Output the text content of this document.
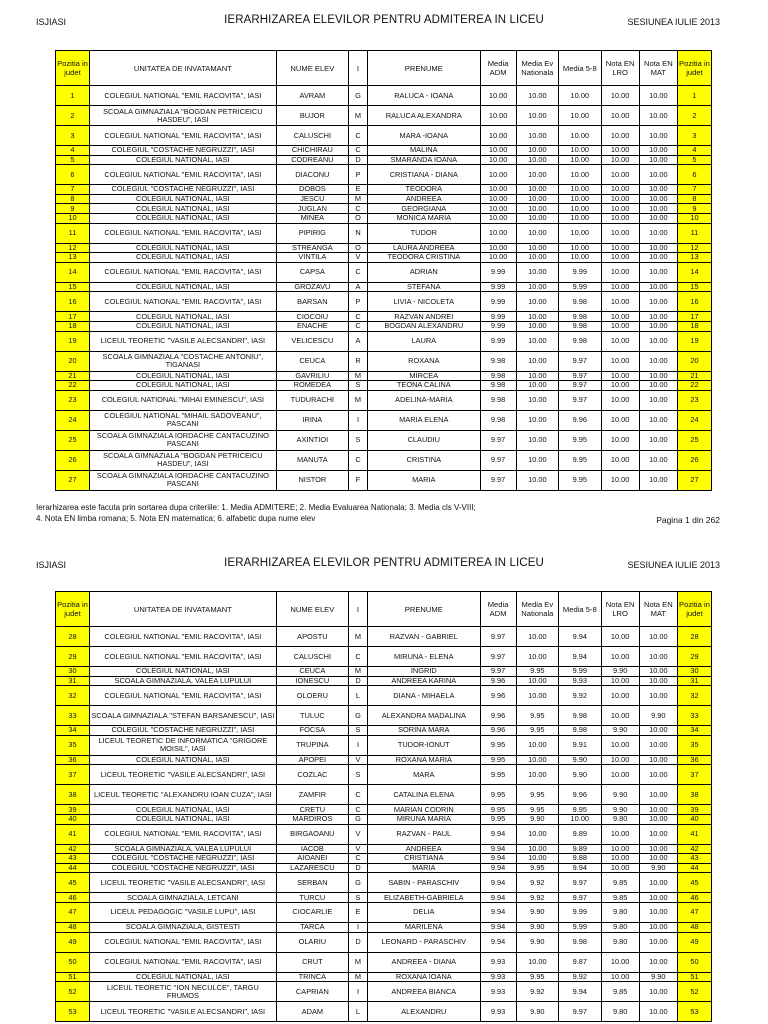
ISJIASI	IERARHIZAREA ELEVILOR PENTRU ADMITEREA IN LICEU	SESIUNEA IULIE 2013
Pozitia in judet	UNITATEA DE INVATAMANT	NUME ELEV	I	PRENUME	Media ADM	Media Ev Nationala	Media 5-8	Nota EN LRO	Nota EN MAT	Pozitia in judet
1	COLEGIUL NATIONAL "EMIL RACOVITA", IASI	AVRAM	G	RALUCA - IOANA	10.00	10.00	10.00	10.00	10.00	1
2	SCOALA GIMNAZIALA "BOGDAN PETRICEICU HASDEU", IASI	BUJOR	M	RALUCA ALEXANDRA	10.00	10.00	10.00	10.00	10.00	2
3	COLEGIUL NATIONAL "EMIL RACOVITA", IASI	CALUSCHI	C	MARA -IOANA	10.00	10.00	10.00	10.00	10.00	3
4	COLEGIUL "COSTACHE NEGRUZZI", IASI	CHICHIRAU	C	MALINA	10.00	10.00	10.00	10.00	10.00	4
5	COLEGIUL NATIONAL, IASI	CODREANU	D	SMARANDA IOANA	10.00	10.00	10.00	10.00	10.00	5
6	COLEGIUL NATIONAL "EMIL RACOVITA", IASI	DIACONU	P	CRISTIANA - DIANA	10.00	10.00	10.00	10.00	10.00	6
7	COLEGIUL "COSTACHE NEGRUZZI", IASI	DOBOS	E	TEODORA	10.00	10.00	10.00	10.00	10.00	7
8	COLEGIUL NATIONAL, IASI	JESCU	M	ANDREEA	10.00	10.00	10.00	10.00	10.00	8
9	COLEGIUL NATIONAL, IASI	JUGLAN	C	GEORGIANA	10.00	10.00	10.00	10.00	10.00	9
10	COLEGIUL NATIONAL, IASI	MINEA	O	MONICA MARIA	10.00	10.00	10.00	10.00	10.00	10
11	COLEGIUL NATIONAL "EMIL RACOVITA", IASI	PIPIRIG	N	TUDOR	10.00	10.00	10.00	10.00	10.00	11
12	COLEGIUL NATIONAL, IASI	STREANGA	O	LAURA ANDREEA	10.00	10.00	10.00	10.00	10.00	12
13	COLEGIUL NATIONAL, IASI	VINTILA	V	TEODORA CRISTINA	10.00	10.00	10.00	10.00	10.00	13
14	COLEGIUL NATIONAL "EMIL RACOVITA", IASI	CAPSA	C	ADRIAN	9.99	10.00	9.99	10.00	10.00	14
15	COLEGIUL NATIONAL, IASI	GROZAVU	A	STEFANA	9.99	10.00	9.99	10.00	10.00	15
16	COLEGIUL NATIONAL "EMIL RACOVITA", IASI	BARSAN	P	LIVIA - NICOLETA	9.99	10.00	9.98	10.00	10.00	16
17	COLEGIUL NATIONAL, IASI	CIOCOIU	C	RAZVAN ANDREI	9.99	10.00	9.98	10.00	10.00	17
18	COLEGIUL NATIONAL, IASI	ENACHE	C	BOGDAN ALEXANDRU	9.99	10.00	9.98	10.00	10.00	18
19	LICEUL TEORETIC "VASILE ALECSANDRI", IASI	VELICESCU	A	LAURA	9.99	10.00	9.98	10.00	10.00	19
20	SCOALA GIMNAZIALA "COSTACHE ANTONIU", TIGANASI	CEUCA	R	ROXANA	9.98	10.00	9.97	10.00	10.00	20
21	COLEGIUL NATIONAL, IASI	GAVRILIU	M	MIRCEA	9.98	10.00	9.97	10.00	10.00	21
22	COLEGIUL NATIONAL, IASI	ROMEDEA	S	TEONA CALINA	9.98	10.00	9.97	10.00	10.00	22
23	COLEGIUL NATIONAL "MIHAI EMINESCU", IASI	TUDURACHI	M	ADELINA-MARIA	9.98	10.00	9.97	10.00	10.00	23
24	COLEGIUL NATIONAL "MIHAIL SADOVEANU", PASCANI	IRINA	I	MARIA ELENA	9.98	10.00	9.96	10.00	10.00	24
25	SCOALA GIMNAZIALA IORDACHE CANTACUZINO PASCANI	AXINTIOI	S	CLAUDIU	9.97	10.00	9.95	10.00	10.00	25
26	SCOALA GIMNAZIALA "BOGDAN PETRICEICU HASDEU", IASI	MANUTA	C	CRISTINA	9.97	10.00	9.95	10.00	10.00	26
27	SCOALA GIMNAZIALA IORDACHE CANTACUZINO PASCANI	NISTOR	F	MARIA	9.97	10.00	9.95	10.00	10.00	27
Ierarhizarea este facuta prin sortarea dupa criteriile: 1. Media ADMITERE; 2. Media Evaluarea Nationala; 3. Media cls V-VIII;
4. Nota EN limba romana; 5. Nota EN matematica; 6. alfabetic dupa nume elev	Pagina 1 din 262
ISJIASI	IERARHIZAREA ELEVILOR PENTRU ADMITEREA IN LICEU	SESIUNEA IULIE 2013
Pozitia in judet	UNITATEA DE INVATAMANT	NUME ELEV	I	PRENUME	Media ADM	Media Ev Nationala	Media 5-8	Nota EN LRO	Nota EN MAT	Pozitia in judet
28	COLEGIUL NATIONAL "EMIL RACOVITA", IASI	APOSTU	M	RAZVAN - GABRIEL	9.97	10.00	9.94	10.00	10.00	28
29	COLEGIUL NATIONAL "EMIL RACOVITA", IASI	CALUSCHI	C	MIRUNA - ELENA	9.97	10.00	9.94	10.00	10.00	29
30	COLEGIUL NATIONAL, IASI	CEUCA	M	INGRID	9.97	9.95	9.99	9.90	10.00	30
31	SCOALA GIMNAZIALA, VALEA LUPULUI	IONESCU	D	ANDREEA KARINA	9.96	10.00	9.93	10.00	10.00	31
32	COLEGIUL NATIONAL "EMIL RACOVITA", IASI	OLOERU	L	DIANA - MIHAELA	9.96	10.00	9.92	10.00	10.00	32
33	SCOALA GIMNAZIALA "STEFAN BARSANESCU", IASI	TULUC	G	ALEXANDRA MADALINA	9.96	9.95	9.98	10.00	9.90	33
34	COLEGIUL "COSTACHE NEGRUZZI", IASI	FOCSA	S	SORINA MARA	9.96	9.95	9.98	9.90	10.00	34
35	LICEUL TEORETIC DE INFORMATICA "GRIGORE MOISIL", IASI	TRUPINA	I	TUDOR-IONUT	9.95	10.00	9.91	10.00	10.00	35
36	COLEGIUL NATIONAL, IASI	APOPEI	V	ROXANA MARIA	9.95	10.00	9.90	10.00	10.00	36
37	LICEUL TEORETIC "VASILE ALECSANDRI", IASI	COZLAC	S	MARA	9.95	10.00	9.90	10.00	10.00	37
38	LICEUL TEORETIC "ALEXANDRU IOAN CUZA", IASI	ZAMFIR	C	CATALINA ELENA	9.95	9.95	9.96	9.90	10.00	38
39	COLEGIUL NATIONAL, IASI	CRETU	C	MARIAN CODRIN	9.95	9.95	9.95	9.90	10.00	39
40	COLEGIUL NATIONAL, IASI	MARDIROS	G	MIRUNA MARIA	9.95	9.90	10.00	9.80	10.00	40
41	COLEGIUL NATIONAL "EMIL RACOVITA", IASI	BIRGAOANU	V	RAZVAN - PAUL	9.94	10.00	9.89	10.00	10.00	41
42	SCOALA GIMNAZIALA, VALEA LUPULUI	IACOB	V	ANDREEA	9.94	10.00	9.89	10.00	10.00	42
43	COLEGIUL "COSTACHE NEGRUZZI", IASI	AIOANEI	C	CRISTIANA	9.94	10.00	9.88	10.00	10.00	43
44	COLEGIUL "COSTACHE NEGRUZZI", IASI	LAZARESCU	D	MARIA	9.94	9.95	9.94	10.00	9.90	44
45	LICEUL TEORETIC "VASILE ALECSANDRI", IASI	SERBAN	G	SABIN - PARASCHIV	9.94	9.92	9.97	9.85	10.00	45
46	SCOALA GIMNAZIALA, LETCANI	TURCU	S	ELIZABETH-GABRIELA	9.94	9.92	9.97	9.85	10.00	46
47	LICEUL PEDAGOGIC "VASILE LUPU", IASI	CIOCARLIE	E	DELIA	9.94	9.90	9.99	9.80	10.00	47
48	SCOALA GIMNAZIALA, GISTESTI	TARCA	I	MARILENA	9.94	9.90	9.99	9.80	10.00	48
49	COLEGIUL NATIONAL "EMIL RACOVITA", IASI	OLARIU	D	LEONARD - PARASCHIV	9.94	9.90	9.98	9.80	10.00	49
50	COLEGIUL NATIONAL "EMIL RACOVITA", IASI	CRUT	M	ANDREEA - DIANA	9.93	10.00	9.87	10.00	10.00	50
51	COLEGIUL NATIONAL, IASI	TRINCA	M	ROXANA IOANA	9.93	9.95	9.92	10.00	9.90	51
52	LICEUL TEORETIC "ION NECULCE", TARGU FRUMOS	CAPRIAN	I	ANDREEA BIANCA	9.93	9.92	9.94	9.85	10.00	52
53	LICEUL TEORETIC "VASILE ALECSANDRI", IASI	ADAM	L	ALEXANDRU	9.93	9.90	9.97	9.80	10.00	53
